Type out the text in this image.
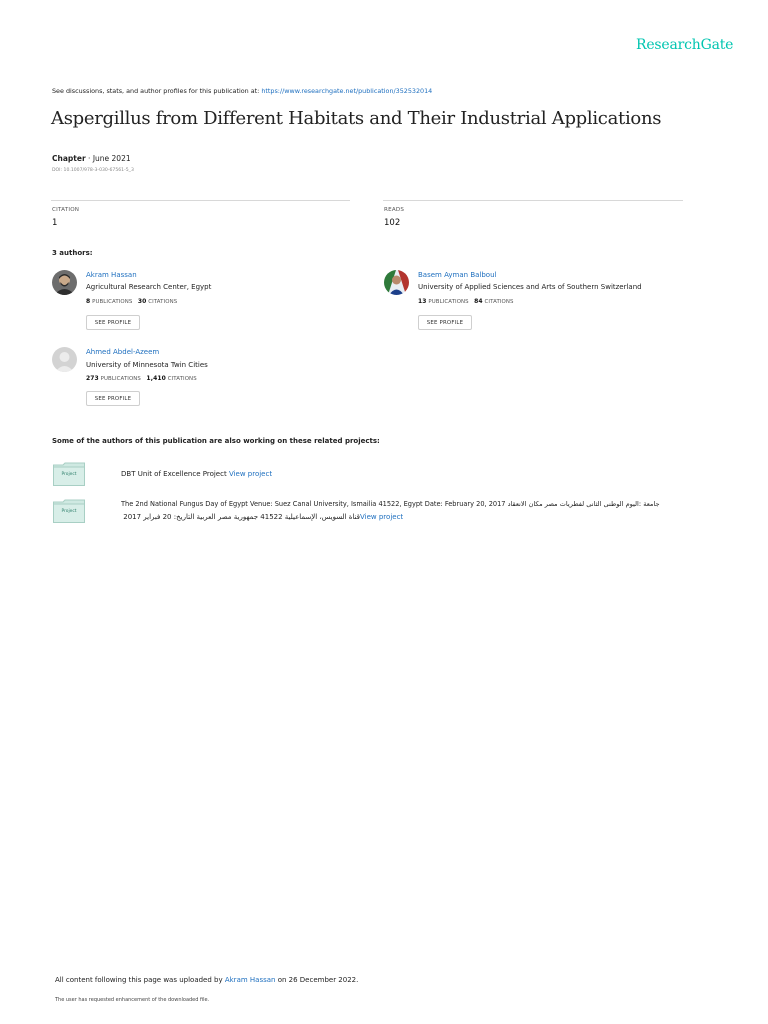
ResearchGate
See discussions, stats, and author profiles for this publication at: https://www.researchgate.net/publication/352532014
Aspergillus from Different Habitats and Their Industrial Applications
Chapter · June 2021
DOI: 10.1007/978-3-030-67561-5_3
CITATION
1
READS
102
3 authors:
Akram Hassan
Agricultural Research Center, Egypt
8 PUBLICATIONS 30 CITATIONS
SEE PROFILE
Basem Ayman Balboul
University of Applied Sciences and Arts of Southern Switzerland
13 PUBLICATIONS 84 CITATIONS
SEE PROFILE
Ahmed Abdel-Azeem
University of Minnesota Twin Cities
273 PUBLICATIONS 1,410 CITATIONS
SEE PROFILE
Some of the authors of this publication are also working on these related projects:
Project	DBT Unit of Excellence Project View project
Project
The 2nd National Fungus Day of Egypt Venue: Suez Canal University, Ismailia 41522, Egypt Date: February 20, 2017 جامعة :اليوم الوطنى الثانى لفطريات مصر مكان الانعقاد
قناة السويس، الإسماعيلية 41522 جمهورية مصر العربية التاريخ: 20 فبراير 2017 View project
All content following this page was uploaded by Akram Hassan on 26 December 2022.
The user has requested enhancement of the downloaded file.
